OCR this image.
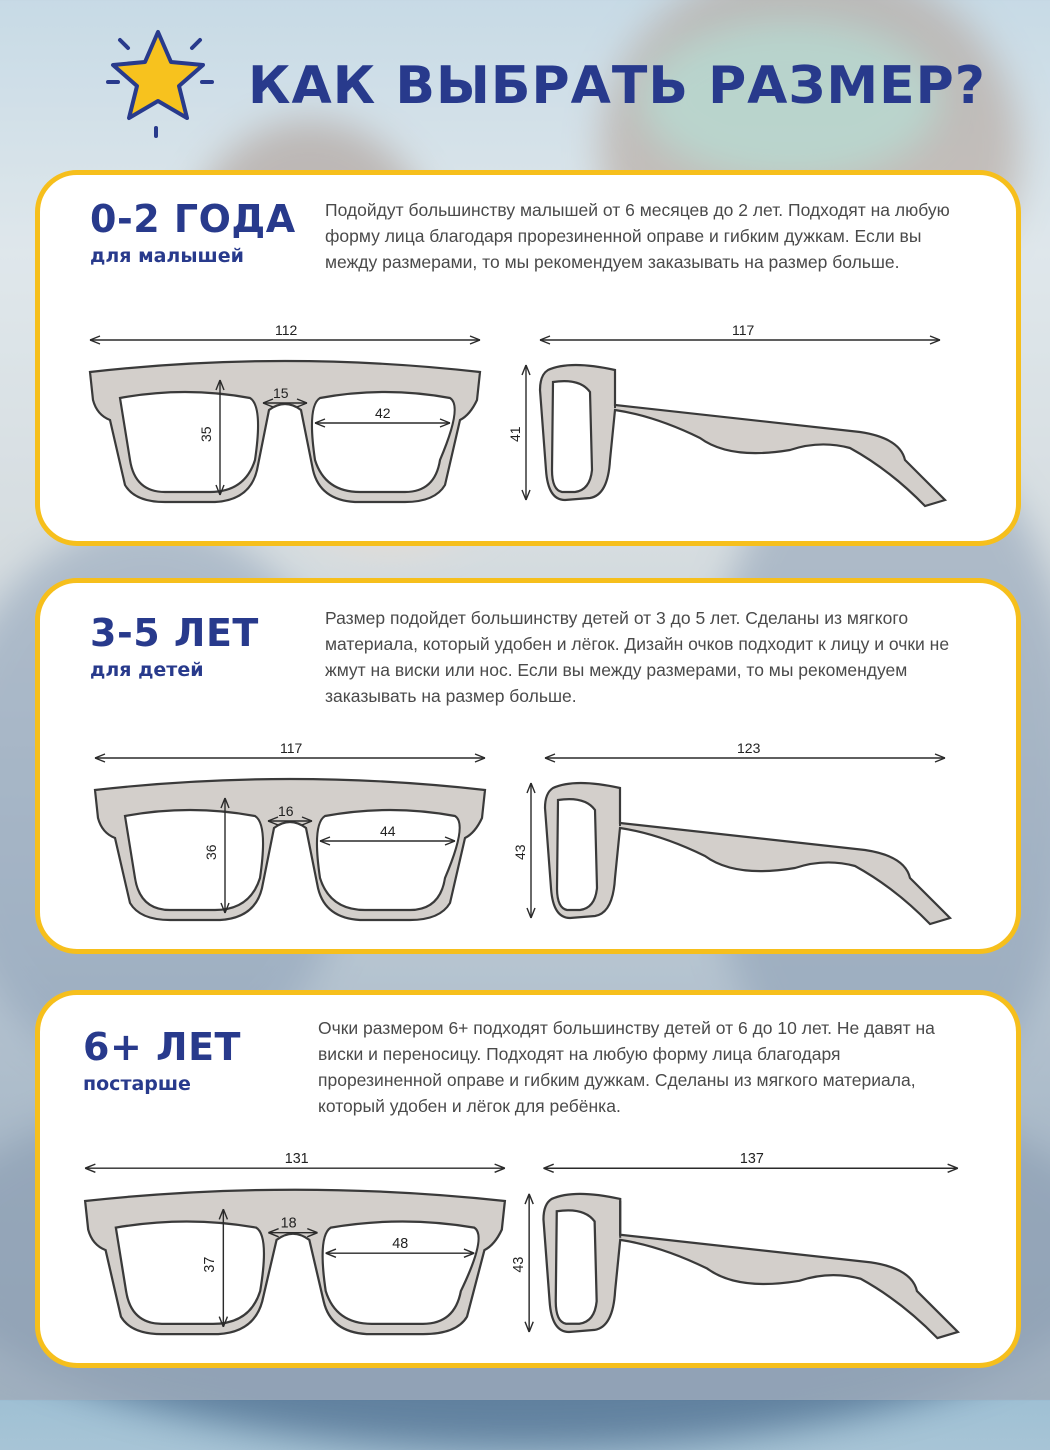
КАК ВЫБРАТЬ РАЗМЕР?
0-2 ГОДА
для малышей

Подойдут большинству малышей от 6 месяцев до 2 лет. Подходят на любую форму лица благодаря прорезиненной оправе и гибким дужкам. Если вы между размерами, то мы рекомендуем заказывать на размер больше.

112
15
42
35
117
41
3-5 ЛЕТ
для детей

Размер подойдет большинству детей от 3 до 5 лет. Сделаны из мягкого материала, который удобен и лёгок. Дизайн очков подходит к лицу и очки не жмут на виски или нос. Если вы между размерами, то мы рекомендуем заказывать на размер больше.

117
16
44
36
123
43
6+ ЛЕТ
постарше

Очки размером 6+ подходят большинству детей от 6 до 10 лет. Не давят на виски и переносицу. Подходят на любую форму лица благодаря прорезиненной оправе и гибким дужкам. Сделаны из мягкого материала, который удобен и лёгок для ребёнка.

131
18
48
37
137
43
